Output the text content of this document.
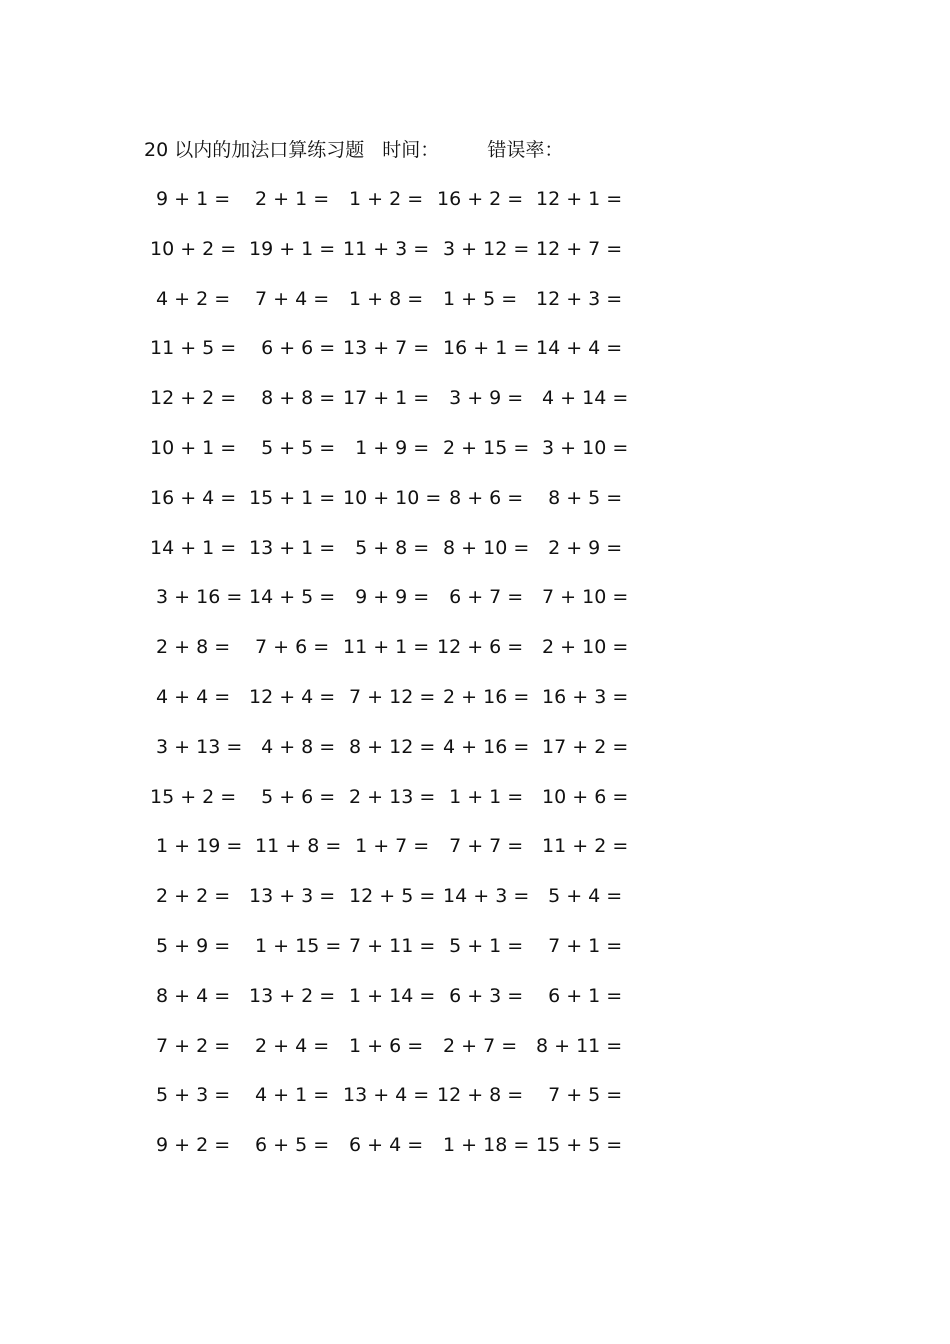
20 以内的加法口算练习题 时间：	错误率：
9 + 1 = 2 + 1 = 1 + 2 = 16 + 2 = 12 + 1 =
10 + 2 = 19 + 1 = 11 + 3 = 3 + 12 = 12 + 7 =
4 + 2 = 7 + 4 = 1 + 8 = 1 + 5 = 12 + 3 =
11 + 5 = 6 + 6 = 13 + 7 = 16 + 1 = 14 + 4 =
12 + 2 = 8 + 8 = 17 + 1 = 3 + 9 = 4 + 14 =
10 + 1 = 5 + 5 = 1 + 9 = 2 + 15 = 3 + 10 =
16 + 4 = 15 + 1 = 10 + 10 =
8 + 6 = 8 + 5 =
14 + 1 = 13 + 1 = 5 + 8 = 8 + 10 = 2 + 9 =
3 + 16 = 14 + 5 = 9 + 9 = 6 + 7 = 7 + 10 =
2 + 8 = 7 + 6 = 11 + 1 = 12 + 6 = 2 + 10 =
4 + 4 = 12 + 4 = 7 + 12 = 2 + 16 = 16 + 3 =
3 + 13 = 4 + 8 = 8 + 12 = 4 + 16 = 17 + 2 =
15 + 2 = 5 + 6 = 2 + 13 = 1 + 1 = 10 + 6 =
1 + 19 = 11 + 8 = 1 + 7 = 7 + 7 = 11 + 2 =
2 + 2 = 13 + 3 = 12 + 5 = 14 + 3 = 5 + 4 =
5 + 9 = 1 + 15 = 7 + 11 = 5 + 1 = 7 + 1 =
8 + 4 = 13 + 2 = 1 + 14 = 6 + 3 = 6 + 1 =
7 + 2 = 2 + 4 = 1 + 6 = 2 + 7 = 8 + 11 =
5 + 3 = 4 + 1 = 13 + 4 = 12 + 8 = 7 + 5 =
9 + 2 = 6 + 5 = 6 + 4 = 1 + 18 = 15 + 5 =
